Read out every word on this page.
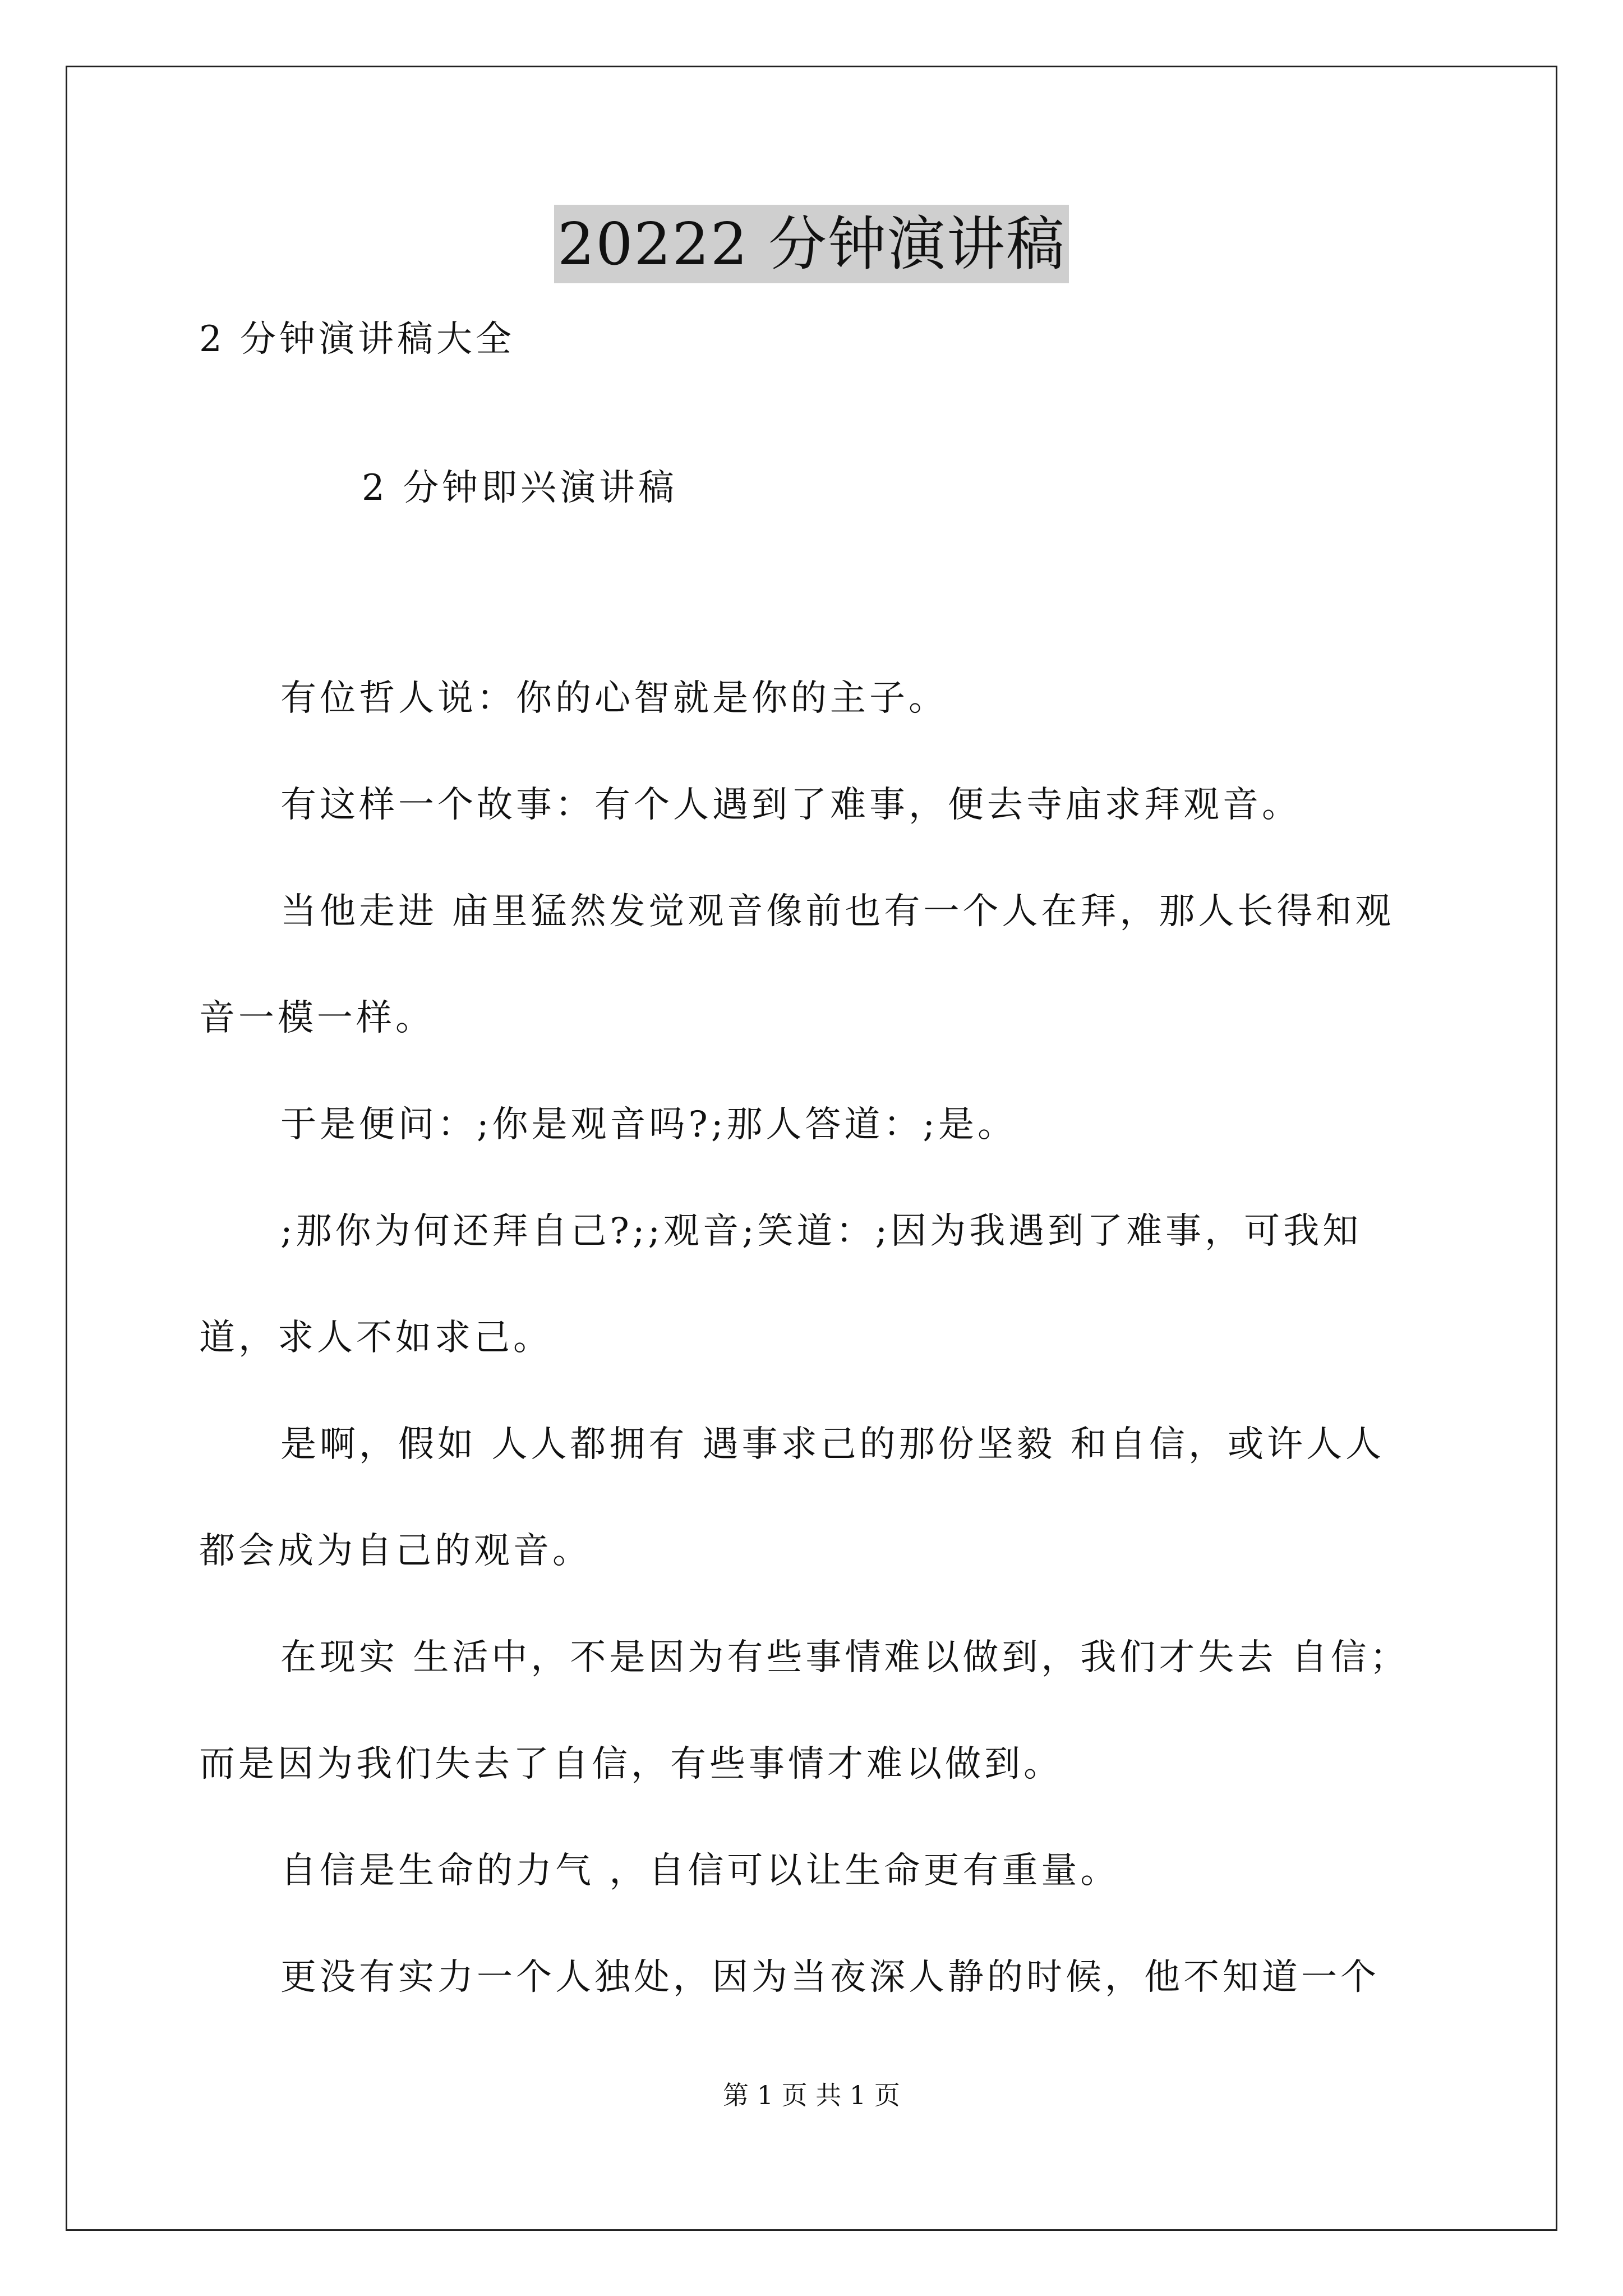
20222 分钟演讲稿
2 分钟演讲稿大全
2 分钟即兴演讲稿
有位哲人说：你的心智就是你的主子。
有这样一个故事：有个人遇到了难事，便去寺庙求拜观音。
当他走进 庙里猛然发觉观音像前也有一个人在拜，那人长得和观
音一模一样。
于是便问：;你是观音吗?;那人答道：;是。
;那你为何还拜自己?;;观音;笑道：;因为我遇到了难事，可我知
道，求人不如求己。
是啊，假如 人人都拥有 遇事求己的那份坚毅 和自信，或许人人
都会成为自己的观音。
在现实 生活中，不是因为有些事情难以做到，我们才失去 自信；
而是因为我们失去了自信，有些事情才难以做到。
自信是生命的力气 ，自信可以让生命更有重量。
更没有实力一个人独处，因为当夜深人静的时候，他不知道一个
第 1 页 共 1 页
